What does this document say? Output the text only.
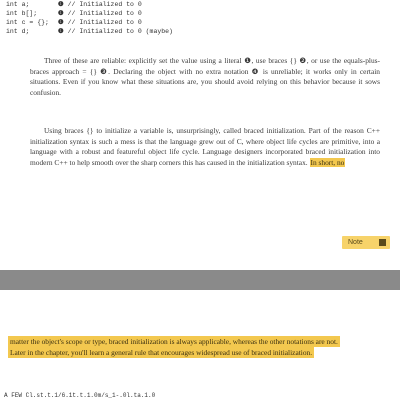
int a;	❶ // Initialized to 0
int b[];	❶ // Initialized to 0
int c = {}; ❶ // Initialized to 0
int d;	❶ // Initialized to 0 (maybe)

Three of these are reliable: explicitly set the value using a literal ❶, use braces {} ❷, or use the equals-plus-braces approach = {} ❸. Declaring the object with no extra notation ❹ is unreliable; it works only in certain situations. Even if you know what these situations are, you should avoid relying on this behavior because it sows confusion.

Using braces {} to initialize a variable is, unsurprisingly, called braced initialization. Part of the reason C++ initialization syntax is such a mess is that the language grew out of C, where object life cycles are primitive, into a language with a robust and featureful object life cycle. Language designers incorporated braced initialization into modern C++ to help smooth over the sharp corners this has caused in the initialization syntax. In short, no

Note

matter the object's scope or type, braced initialization is always applicable, whereas the other notations are not. Later in the chapter, you'll learn a general rule that encourages widespread use of braced initialization.

A FEW Cl.st.t.1/6.1t.t.1.0m/s_1-.0l.ta.1.0
